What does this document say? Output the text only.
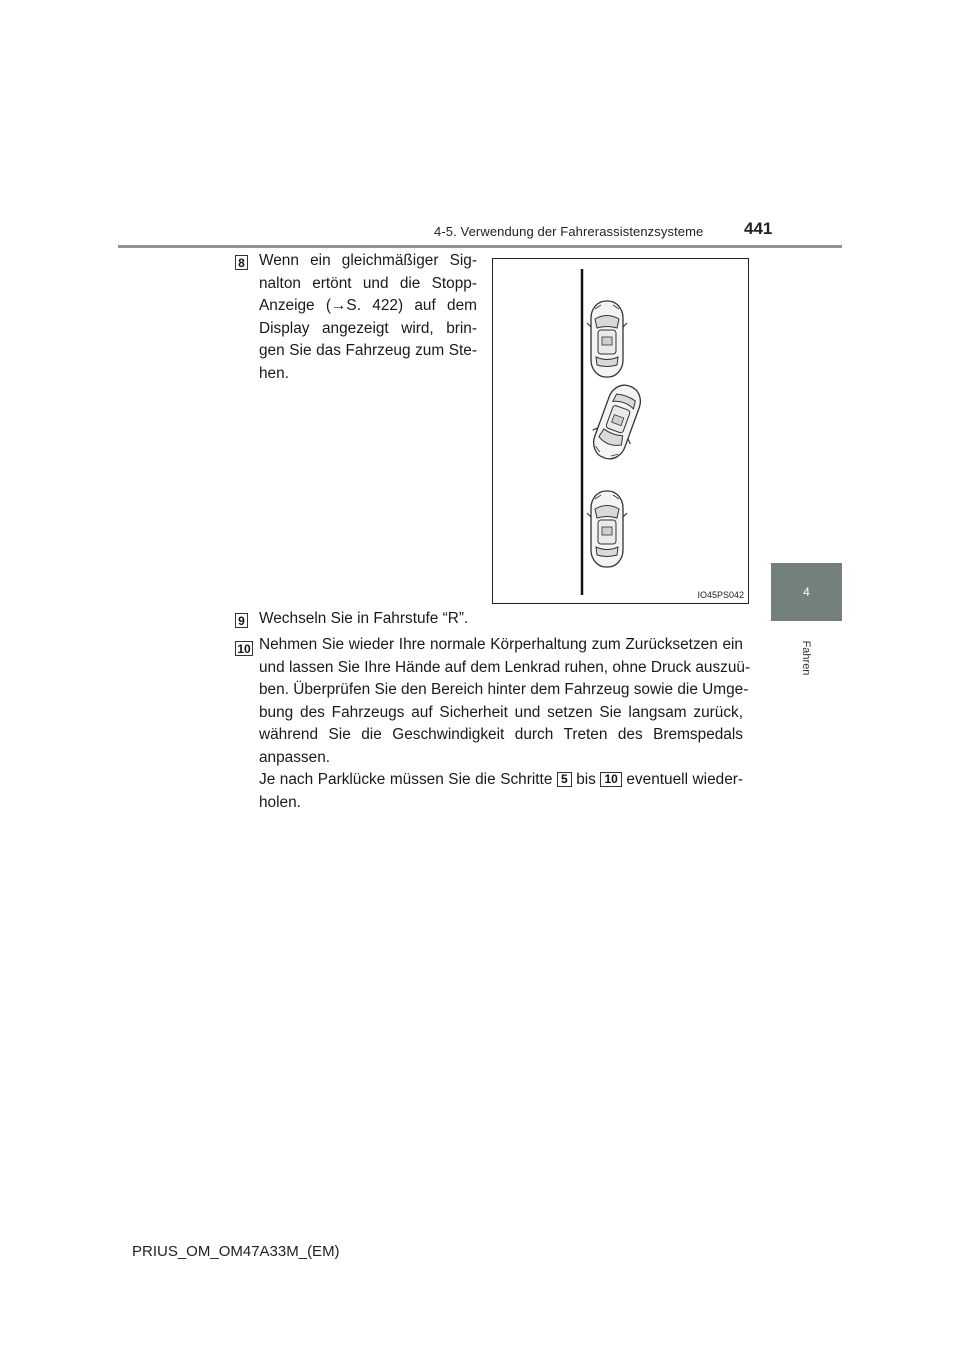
4-5. Verwendung der Fahrerassistenzsysteme 441
4
Fahren
8 Wenn ein gleichmäßiger Sig-
nalton ertönt und die Stopp-
Anzeige (→S. 422) auf dem
Display angezeigt wird, brin-
gen Sie das Fahrzeug zum Ste-
hen.
IO45PS042
9 Wechseln Sie in Fahrstufe “R”.
10 Nehmen Sie wieder Ihre normale Körperhaltung zum Zurücksetzen ein
und lassen Sie Ihre Hände auf dem Lenkrad ruhen, ohne Druck auszuü-
ben. Überprüfen Sie den Bereich hinter dem Fahrzeug sowie die Umge-
bung des Fahrzeugs auf Sicherheit und setzen Sie langsam zurück,
während Sie die Geschwindigkeit durch Treten des Bremspedals
anpassen.
Je nach Parklücke müssen Sie die Schritte 5 bis 10 eventuell wieder-
holen.
PRIUS_OM_OM47A33M_(EM)
